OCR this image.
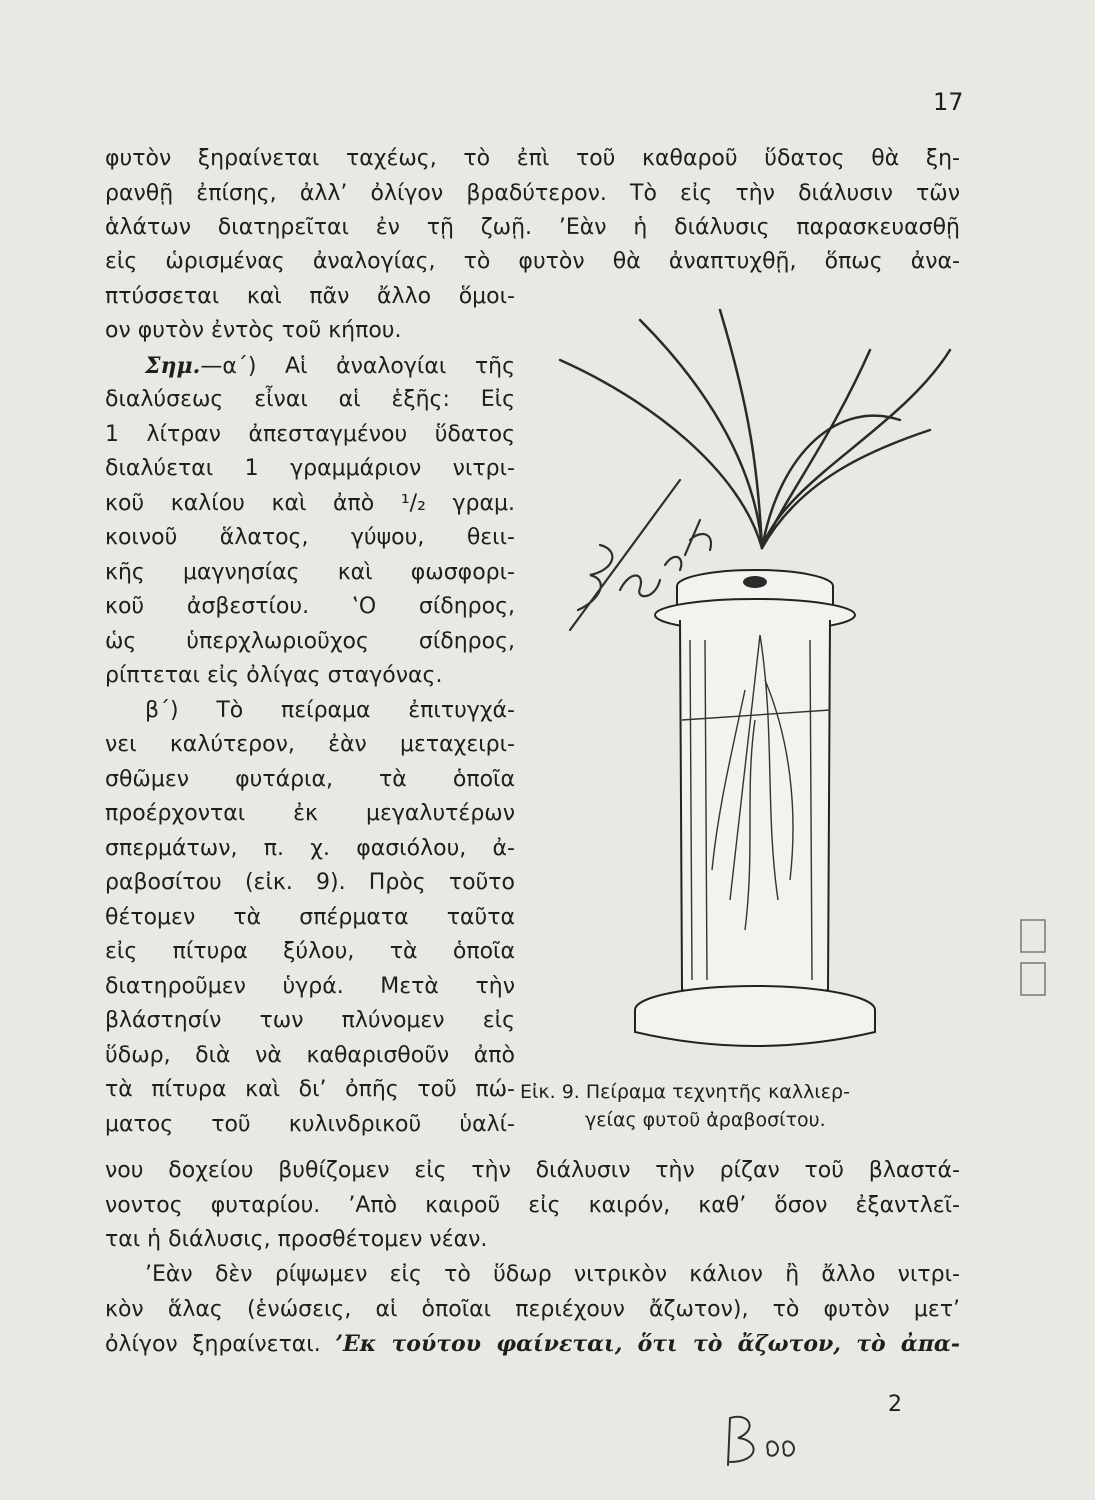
17
φυτὸν ξηραίνεται ταχέως, τὸ ἐπὶ τοῦ καθαροῦ ὕδατος θὰ ξη-
ρανθῇ ἐπίσης, ἀλλ’ ὀλίγον βραδύτερον. Τὸ εἰς τὴν διάλυσιν τῶν
ἁλάτων διατηρεῖται ἐν τῇ ζωῇ. ’Εὰν ἡ διάλυσις παρασκευασθῇ
εἰς ὡρισμένας ἀναλογίας, τὸ φυτὸν θὰ ἀναπτυχθῇ, ὅπως ἀνα-
πτύσσεται καὶ πᾶν ἄλλο ὅμοι-
ον φυτὸν ἐντὸς τοῦ κήπου.
Σημ.—α΄) Αἱ ἀναλογίαι τῆς
διαλύσεως εἶναι αἱ ἑξῆς: Εἰς
1 λίτραν ἀπεσταγμένου ὕδατος
διαλύεται 1 γραμμάριον νιτρι-
κοῦ καλίου καὶ ἀπὸ ¹/₂ γραμ.
κοινοῦ ἅλατος, γύψου, θειι-
κῆς μαγνησίας καὶ φωσφορι-
κοῦ ἀσβεστίου. ‛Ο σίδηρος,
ὡς ὑπερχλωριοῦχος σίδηρος,
ρίπτεται εἰς ὀλίγας σταγόνας.
β΄) Τὸ πείραμα ἐπιτυγχά-
νει καλύτερον, ἐὰν μεταχειρι-
σθῶμεν φυτάρια, τὰ ὁποῖα
προέρχονται ἐκ μεγαλυτέρων
σπερμάτων, π. χ. φασιόλου, ἀ-
ραβοσίτου (εἰκ. 9). Πρὸς τοῦτο
θέτομεν τὰ σπέρματα ταῦτα
εἰς πίτυρα ξύλου, τὰ ὁποῖα
διατηροῦμεν ὑγρά. Μετὰ τὴν
βλάστησίν των πλύνομεν εἰς
ὕδωρ, διὰ νὰ καθαρισθοῦν ἀπὸ
τὰ πίτυρα καὶ δι’ ὀπῆς τοῦ πώ-
ματος τοῦ κυλινδρικοῦ ὑαλί-
νου δοχείου βυθίζομεν εἰς τὴν διάλυσιν τὴν ρίζαν τοῦ βλαστά-
νοντος φυταρίου. ’Απὸ καιροῦ εἰς καιρόν, καθ’ ὅσον ἐξαντλεῖ-
ται ἡ διάλυσις, προσθέτομεν νέαν.
’Εὰν δὲν ρίψωμεν εἰς τὸ ὕδωρ νιτρικὸν κάλιον ἢ ἄλλο νιτρι-
κὸν ἅλας (ἑνώσεις, αἱ ὁποῖαι περιέχουν ἄζωτον), τὸ φυτὸν μετ’
ὀλίγον ξηραίνεται. ’Εκ τούτου φαίνεται, ὅτι τὸ ἄζωτον, τὸ ἀπα-
Εἰκ. 9. Πείραμα τεχνητῆς καλλιερ-
γείας φυτοῦ ἀραβοσίτου.
2
